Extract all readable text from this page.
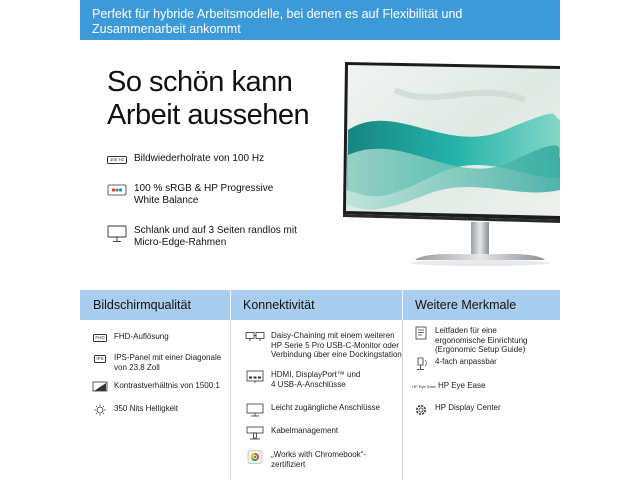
Perfekt für hybride Arbeitsmodelle, bei denen es auf Flexibilität und Zusammenarbeit ankommt
So schön kann
Arbeit aussehen
100 Hz Bildwiederholrate von 100 Hz
100 % sRGB & HP Progressive White Balance
Schlank und auf 3 Seiten randlos mit Micro-Edge-Rahmen
Bildschirmqualität	Konnektivität	Weitere Merkmale
FHD	FHD-Auflösung
IPS	IPS-Panel mit einer Diagonale von 23,8 Zoll
Kontrastverhältnis von 1500:1
350 Nits Helligkeit
Daisy-Chaining mit einem weiteren HP Serie 5 Pro USB-C-Monitor oder Verbindung über eine Dockingstation
HDMI, DisplayPort™ und 4 USB-A-Anschlüsse
Leicht zugängliche Anschlüsse
Kabelmanagement
„Works with Chromebook“-zertifiziert
Leitfaden für eine ergonomische Einrichtung (Ergonomic Setup Guide)
4-fach anpassbar
HP Eye Ease HP Eye Ease
HP Display Center
